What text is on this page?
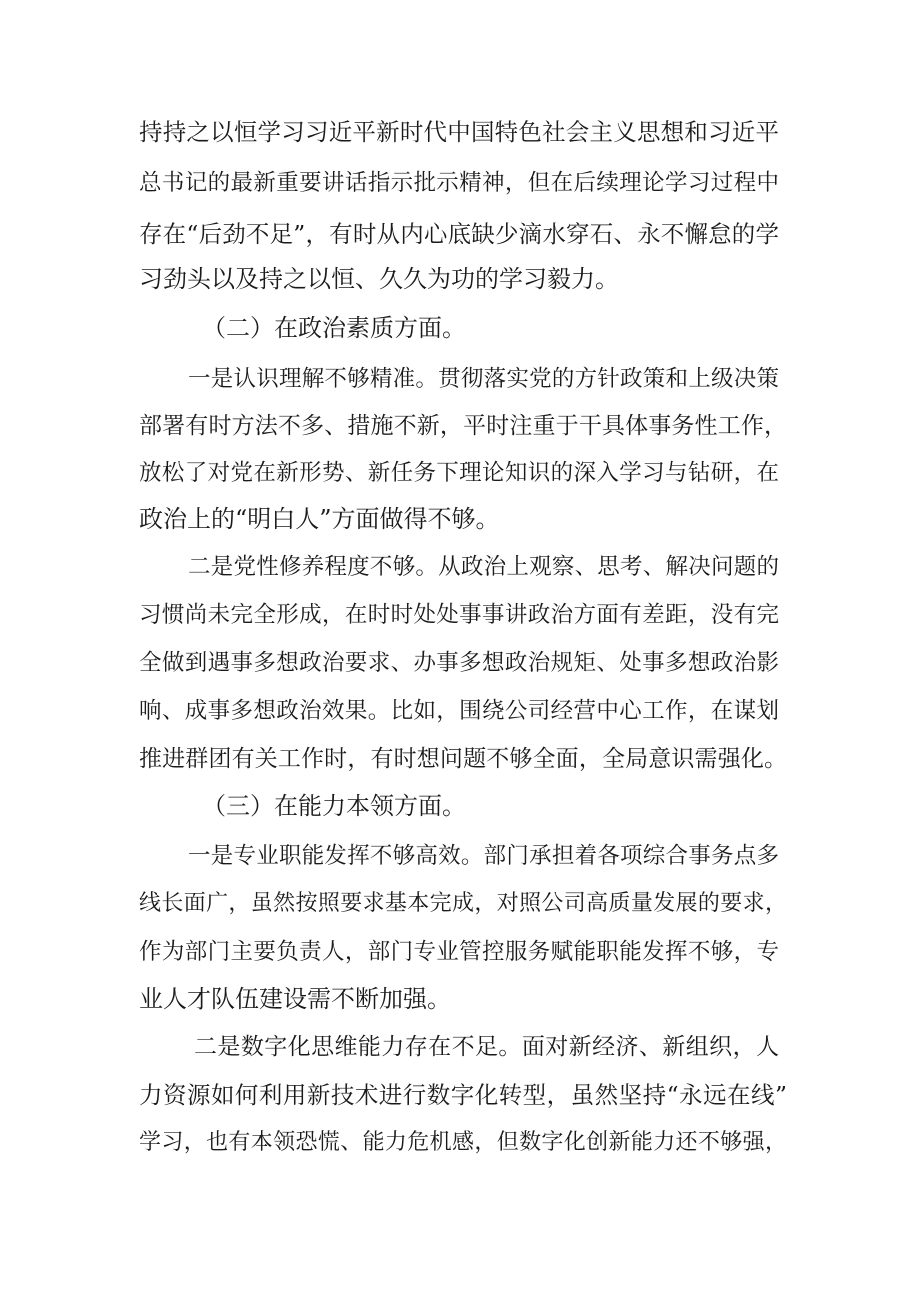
持持之以恒学习习近平新时代中国特色社会主义思想和习近平
总书记的最新重要讲话指示批示精神，但在后续理论学习过程中
存在“后劲不足”，有时从内心底缺少滴水穿石、永不懈怠的学
习劲头以及持之以恒、久久为功的学习毅力。
（二）在政治素质方面。
一是认识理解不够精准。贯彻落实党的方针政策和上级决策
部署有时方法不多、措施不新，平时注重于干具体事务性工作，
放松了对党在新形势、新任务下理论知识的深入学习与钻研，在
政治上的“明白人”方面做得不够。
二是党性修养程度不够。从政治上观察、思考、解决问题的
习惯尚未完全形成，在时时处处事事讲政治方面有差距，没有完
全做到遇事多想政治要求、办事多想政治规矩、处事多想政治影
响、成事多想政治效果。比如，围绕公司经营中心工作，在谋划
推进群团有关工作时，有时想问题不够全面，全局意识需强化。
（三）在能力本领方面。
一是专业职能发挥不够高效。部门承担着各项综合事务点多
线长面广，虽然按照要求基本完成，对照公司高质量发展的要求，
作为部门主要负责人，部门专业管控服务赋能职能发挥不够，专
业人才队伍建设需不断加强。
二是数字化思维能力存在不足。面对新经济、新组织，人
力资源如何利用新技术进行数字化转型，虽然坚持“永远在线”
学习，也有本领恐慌、能力危机感，但数字化创新能力还不够强，
